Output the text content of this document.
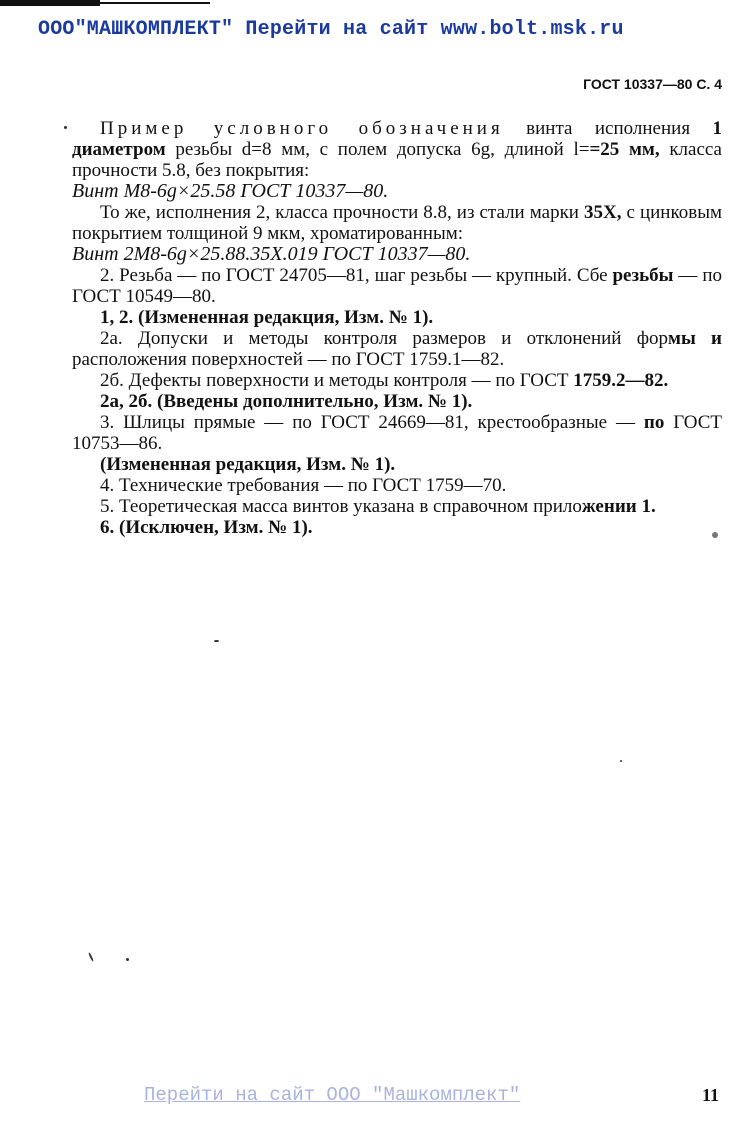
ООО"МАШКОМПЛЕКТ" Перейти на сайт www.bolt.msk.ru
ГОСТ 10337—80 С. 4

Пример условного обозначения винта исполнения 1 диаметром резьбы d=8 мм, с полем допуска 6g, длиной l==25 мм, класса прочности 5.8, без покрытия:

Винт М8-6g×25.58 ГОСТ 10337—80.

То же, исполнения 2, класса прочности 8.8, из стали марки 35Х, с цинковым покрытием толщиной 9 мкм, хроматированным:

Винт 2М8-6g×25.88.35Х.019 ГОСТ 10337—80.

2. Резьба — по ГОСТ 24705—81, шаг резьбы — крупный. Сбе резьбы — по ГОСТ 10549—80.

1, 2. (Измененная редакция, Изм. № 1).

2а. Допуски и методы контроля размеров и отклонений формы и расположения поверхностей — по ГОСТ 1759.1—82.

2б. Дефекты поверхности и методы контроля — по ГОСТ 1759.2—82.

2а, 2б. (Введены дополнительно, Изм. № 1).

3. Шлицы прямые — по ГОСТ 24669—81, крестообразные — по ГОСТ 10753—86.

(Измененная редакция, Изм. № 1).

4. Технические требования — по ГОСТ 1759—70.

5. Теоретическая масса винтов указана в справочном приложении 1.

6. (Исключен, Изм. № 1).

Перейти на сайт ООО "Машкомплект"	11
